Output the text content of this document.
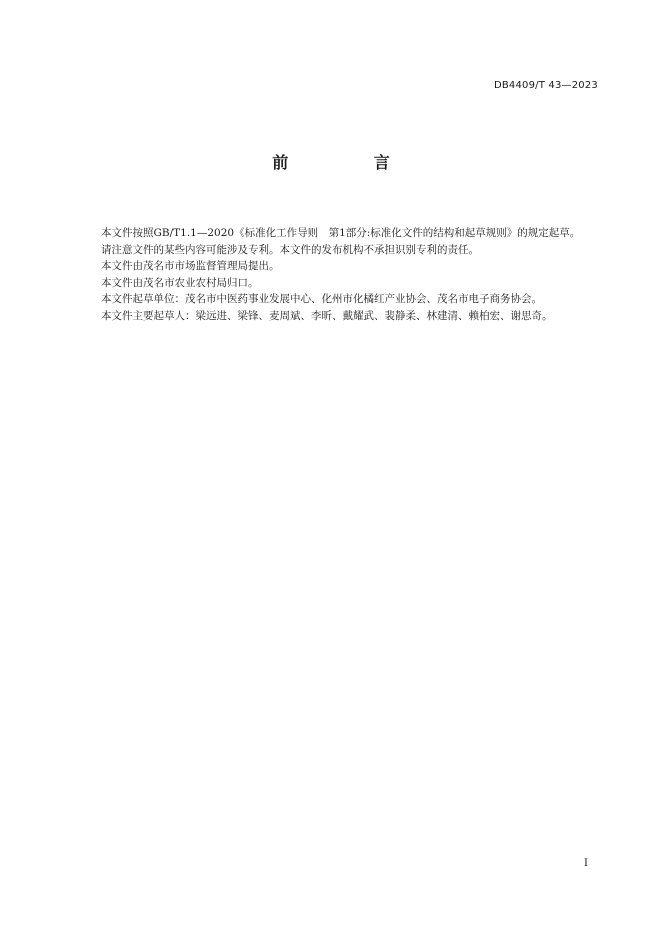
DB4409/T 43—2023
前 言

本文件按照GB/T1.1—2020《标准化工作导则　第1部分:标准化文件的结构和起草规则》的规定起草。

请注意文件的某些内容可能涉及专利。本文件的发布机构不承担识别专利的责任。

本文件由茂名市市场监督管理局提出。

本文件由茂名市农业农村局归口。

本文件起草单位：茂名市中医药事业发展中心、化州市化橘红产业协会、茂名市电子商务协会。

本文件主要起草人：梁远进、梁锋、麦周斌、李昕、戴耀武、裴静柔、林建清、赖柏宏、谢思奇。

I
